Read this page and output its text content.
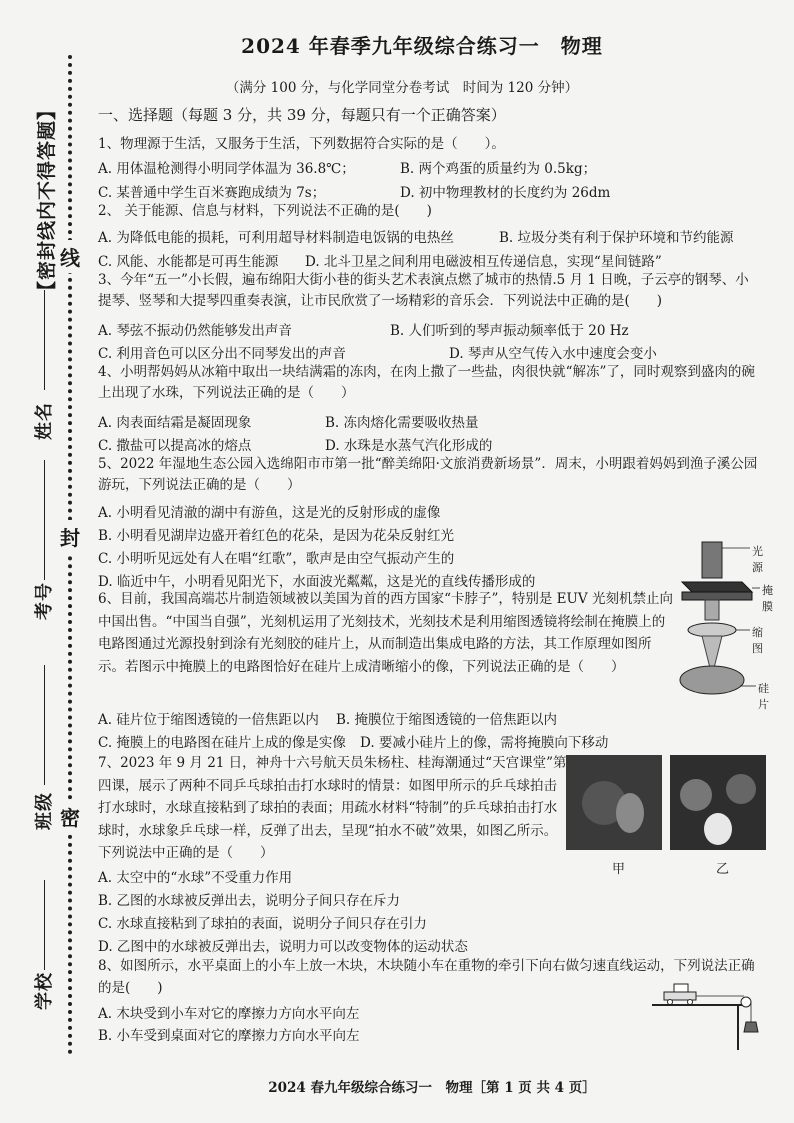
【密封线内不得答题】 线
封
密
姓名
考号
班级
学校
2024 年春季九年级综合练习一　物理
（满分 100 分，与化学同堂分卷考试　时间为 120 分钟）
一、选择题（每题 3 分，共 39 分，每题只有一个正确答案）
1、物理源于生活，又服务于生活，下列数据符合实际的是（　　）。
A. 用体温枪测得小明同学体温为 36.8℃；	B. 两个鸡蛋的质量约为 0.5kg；
C. 某普通中学生百米赛跑成绩为 7s；	D. 初中物理教材的长度约为 26dm
2、 关于能源、信息与材料，下列说法不正确的是(　　)
A. 为降低电能的损耗，可利用超导材料制造电饭锅的电热丝	B. 垃圾分类有利于保护环境和节约能源
C. 风能、水能都是可再生能源 D. 北斗卫星之间利用电磁波相互传递信息，实现“星间链路”
3、今年“五一”小长假，遍布绵阳大街小巷的街头艺术表演点燃了城市的热情.5 月 1 日晚，子云亭的钢琴、小提琴、竖琴和大提琴四重奏表演，让市民欣赏了一场精彩的音乐会．下列说法中正确的是(　　)
A. 琴弦不振动仍然能够发出声音	B. 人们听到的琴声振动频率低于 20 Hz
C. 利用音色可以区分出不同琴发出的声音	D. 琴声从空气传入水中速度会变小
4、小明帮妈妈从冰箱中取出一块结满霜的冻肉，在肉上撒了一些盐，肉很快就“解冻”了，同时观察到盛肉的碗上出现了水珠，下列说法正确的是（　　）
A. 肉表面结霜是凝固现象	B. 冻肉熔化需要吸收热量
C. 撒盐可以提高冰的熔点	D. 水珠是水蒸气汽化形成的
5、2022 年湿地生态公园入选绵阳市市第一批“醉美绵阳·文旅消费新场景”．周末，小明跟着妈妈到渔子溪公园游玩，下列说法正确的是（　　）
A. 小明看见清澈的湖中有游鱼，这是光的反射形成的虚像
B. 小明看见湖岸边盛开着红色的花朵，是因为花朵反射红光
C. 小明听见远处有人在唱“红歌”，歌声是由空气振动产生的
D. 临近中午，小明看见阳光下，水面波光粼粼，这是光的直线传播形成的
6、目前，我国高端芯片制造领域被以美国为首的西方国家“卡脖子”，特别是 EUV 光刻机禁止向中国出售。“中国当自强”，光刻机运用了光刻技术，光刻技术是利用缩图透镜将绘制在掩膜上的电路图通过光源投射到涂有光刻胶的硅片上，从而制造出集成电路的方法，其工作原理如图所示。若图示中掩膜上的电路图恰好在硅片上成清晰缩小的像，下列说法正确的是（　　）
A. 硅片位于缩图透镜的一倍焦距以内 B. 掩膜位于缩图透镜的一倍焦距以内
C. 掩膜上的电路图在硅片上成的像是实像 D. 要减小硅片上的像，需将掩膜向下移动
光源
掩膜
缩图
硅片
7、2023 年 9 月 21 日，神舟十六号航天员朱杨柱、桂海潮通过“天宫课堂”第四课，展示了两种不同乒乓球拍击打水球时的情景：如图甲所示的乒乓球拍击打水球时，水球直接粘到了球拍的表面；用疏水材料“特制”的乒乓球拍击打水球时，水球象乒乓球一样，反弹了出去，呈现“拍水不破”效果，如图乙所示。下列说法中正确的是（　　）
A. 太空中的“水球”不受重力作用
B. 乙图的水球被反弹出去，说明分子间只存在斥力
C. 水球直接粘到了球拍的表面，说明分子间只存在引力
D. 乙图中的水球被反弹出去，说明力可以改变物体的运动状态
甲	乙
8、如图所示，水平桌面上的小车上放一木块，木块随小车在重物的牵引下向右做匀速直线运动，下列说法正确的是(　　)
A. 木块受到小车对它的摩擦力方向水平向左
B. 小车受到桌面对它的摩擦力方向水平向左
2024 春九年级综合练习一　物理［第 1 页 共 4 页］
